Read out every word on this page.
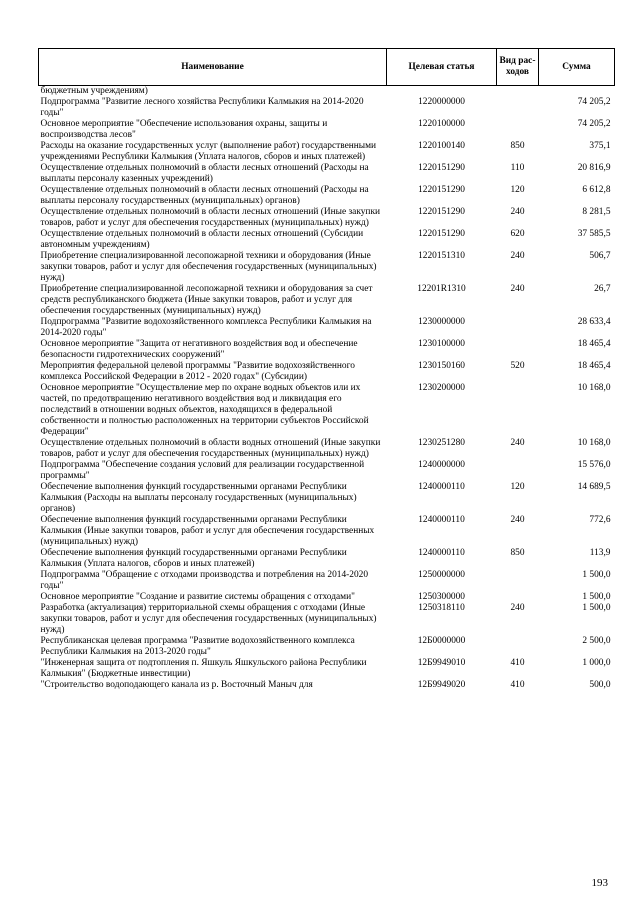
Наименование	Целевая статья	Вид рас-ходов	Сумма
бюджетным учреждениям)			
Подпрограмма "Развитие лесного хозяйства Республики Калмыкия на 2014-2020 годы"	1220000000		74 205,2
Основное мероприятие "Обеспечение использования охраны, защиты и воспроизводства лесов"	1220100000		74 205,2
Расходы на оказание государственных услуг (выполнение работ) государственными учреждениями Республики Калмыкия (Уплата налогов, сборов и иных платежей)	1220100140	850	375,1
Осуществление отдельных полномочий в области лесных отношений (Расходы на выплаты персоналу казенных учреждений)	1220151290	110	20 816,9
Осуществление отдельных полномочий в области лесных отношений (Расходы на выплаты персоналу государственных (муниципальных) органов)	1220151290	120	6 612,8
Осуществление отдельных полномочий в области лесных отношений (Иные закупки товаров, работ и услуг для обеспечения государственных (муниципальных) нужд)	1220151290	240	8 281,5
Осуществление отдельных полномочий в области лесных отношений (Субсидии автономным учреждениям)	1220151290	620	37 585,5
Приобретение специализированной лесопожарной техники и оборудования (Иные закупки товаров, работ и услуг для обеспечения государственных (муниципальных) нужд)	1220151310	240	506,7
Приобретение специализированной лесопожарной техники и оборудования за счет средств республиканского бюджета (Иные закупки товаров, работ и услуг для обеспечения государственных (муниципальных) нужд)	12201R1310	240	26,7
Подпрограмма "Развитие водохозяйственного комплекса Республики Калмыкия на 2014-2020 годы"	1230000000		28 633,4
Основное мероприятие "Защита от негативного воздействия вод и обеспечение безопасности гидротехнических сооружений"	1230100000		18 465,4
Мероприятия федеральной целевой программы "Развитие водохозяйственного комплекса Российской Федерации в 2012 - 2020 годах" (Субсидии)	1230150160	520	18 465,4
Основное мероприятие "Осуществление мер по охране водных объектов или их частей, по предотвращению негативного воздействия вод и ликвидация его последствий в отношении водных объектов, находящихся в федеральной собственности и полностью расположенных на территории субъектов Российской Федерации"	1230200000		10 168,0
Осуществление отдельных полномочий в области водных отношений (Иные закупки товаров, работ и услуг для обеспечения государственных (муниципальных) нужд)	1230251280	240	10 168,0
Подпрограмма "Обеспечение создания условий для реализации государственной программы"	1240000000		15 576,0
Обеспечение выполнения функций государственными органами Республики Калмыкия (Расходы на выплаты персоналу государственных (муниципальных) органов)	1240000110	120	14 689,5
Обеспечение выполнения функций государственными органами Республики Калмыкия (Иные закупки товаров, работ и услуг для обеспечения государственных (муниципальных) нужд)	1240000110	240	772,6
Обеспечение выполнения функций государственными органами Республики Калмыкия (Уплата налогов, сборов и иных платежей)	1240000110	850	113,9
Подпрограмма "Обращение с отходами производства и потребления на 2014-2020 годы"	1250000000		1 500,0
Основное мероприятие "Создание и развитие системы обращения с отходами"	1250300000		1 500,0
Разработка (актуализация) территориальной схемы обращения с отходами (Иные закупки товаров, работ и услуг для обеспечения государственных (муниципальных) нужд)	1250318110	240	1 500,0
Республиканская целевая программа "Развитие водохозяйственного комплекса Республики Калмыкия на 2013-2020 годы"	12Б0000000		2 500,0
"Инженерная защита от подтопления п. Яшкуль Яшкульского района Республики Калмыкия" (Бюджетные инвестиции)	12Б9949010	410	1 000,0
"Строительство водоподающего канала из р. Восточный Маныч для	12Б9949020	410	500,0
193
